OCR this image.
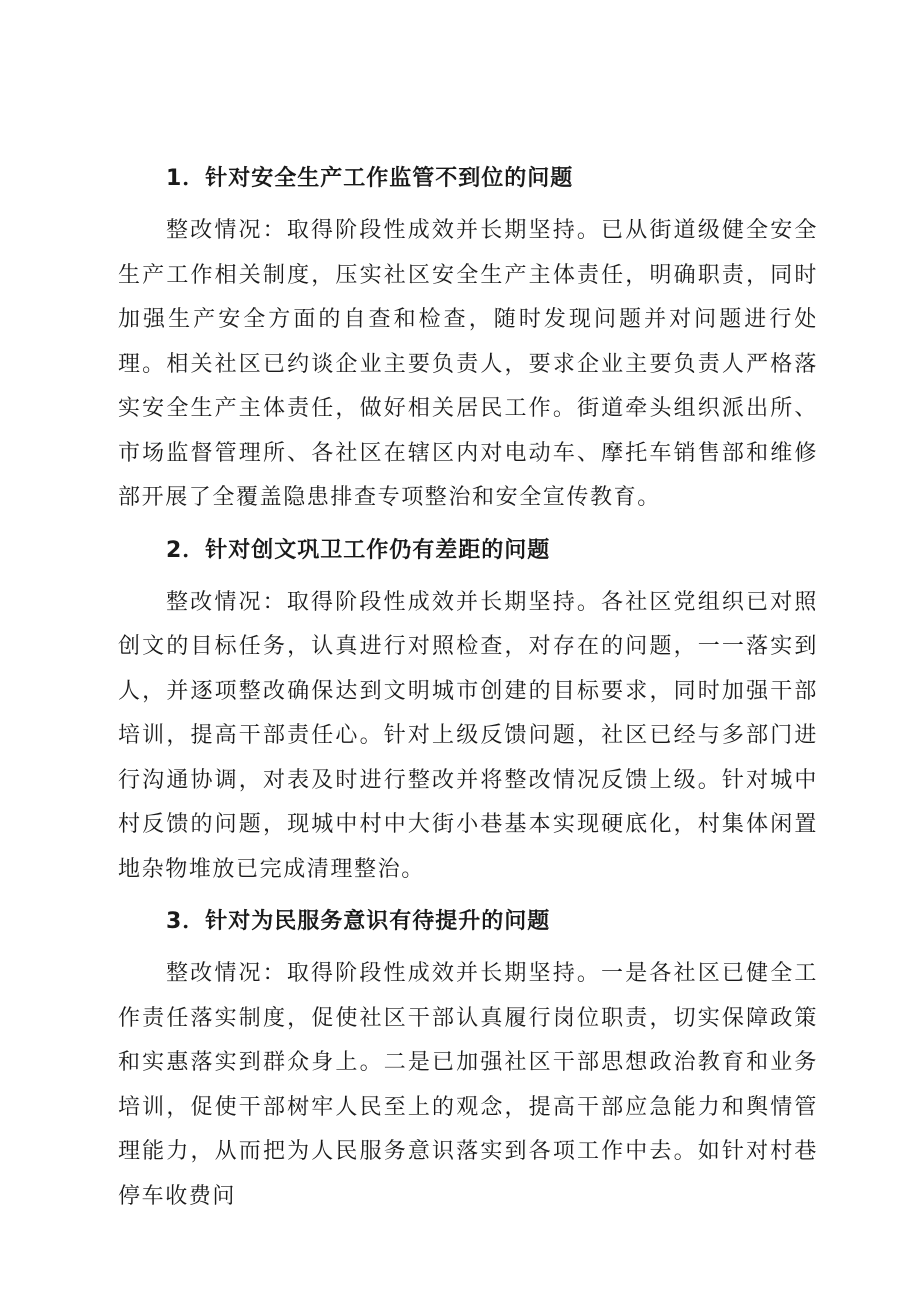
1．针对安全生产工作监管不到位的问题

整改情况：取得阶段性成效并长期坚持。已从街道级健全安全生产工作相关制度，压实社区安全生产主体责任，明确职责，同时加强生产安全方面的自查和检查，随时发现问题并对问题进行处理。相关社区已约谈企业主要负责人，要求企业主要负责人严格落实安全生产主体责任，做好相关居民工作。街道牵头组织派出所、市场监督管理所、各社区在辖区内对电动车、摩托车销售部和维修部开展了全覆盖隐患排查专项整治和安全宣传教育。

2．针对创文巩卫工作仍有差距的问题

整改情况：取得阶段性成效并长期坚持。各社区党组织已对照创文的目标任务，认真进行对照检查，对存在的问题，一一落实到人，并逐项整改确保达到文明城市创建的目标要求，同时加强干部培训，提高干部责任心。针对上级反馈问题，社区已经与多部门进行沟通协调，对表及时进行整改并将整改情况反馈上级。针对城中村反馈的问题，现城中村中大街小巷基本实现硬底化，村集体闲置地杂物堆放已完成清理整治。

3．针对为民服务意识有待提升的问题

整改情况：取得阶段性成效并长期坚持。一是各社区已健全工作责任落实制度，促使社区干部认真履行岗位职责，切实保障政策和实惠落实到群众身上。二是已加强社区干部思想政治教育和业务培训，促使干部树牢人民至上的观念，提高干部应急能力和舆情管理能力，从而把为人民服务意识落实到各项工作中去。如针对村巷停车收费问
